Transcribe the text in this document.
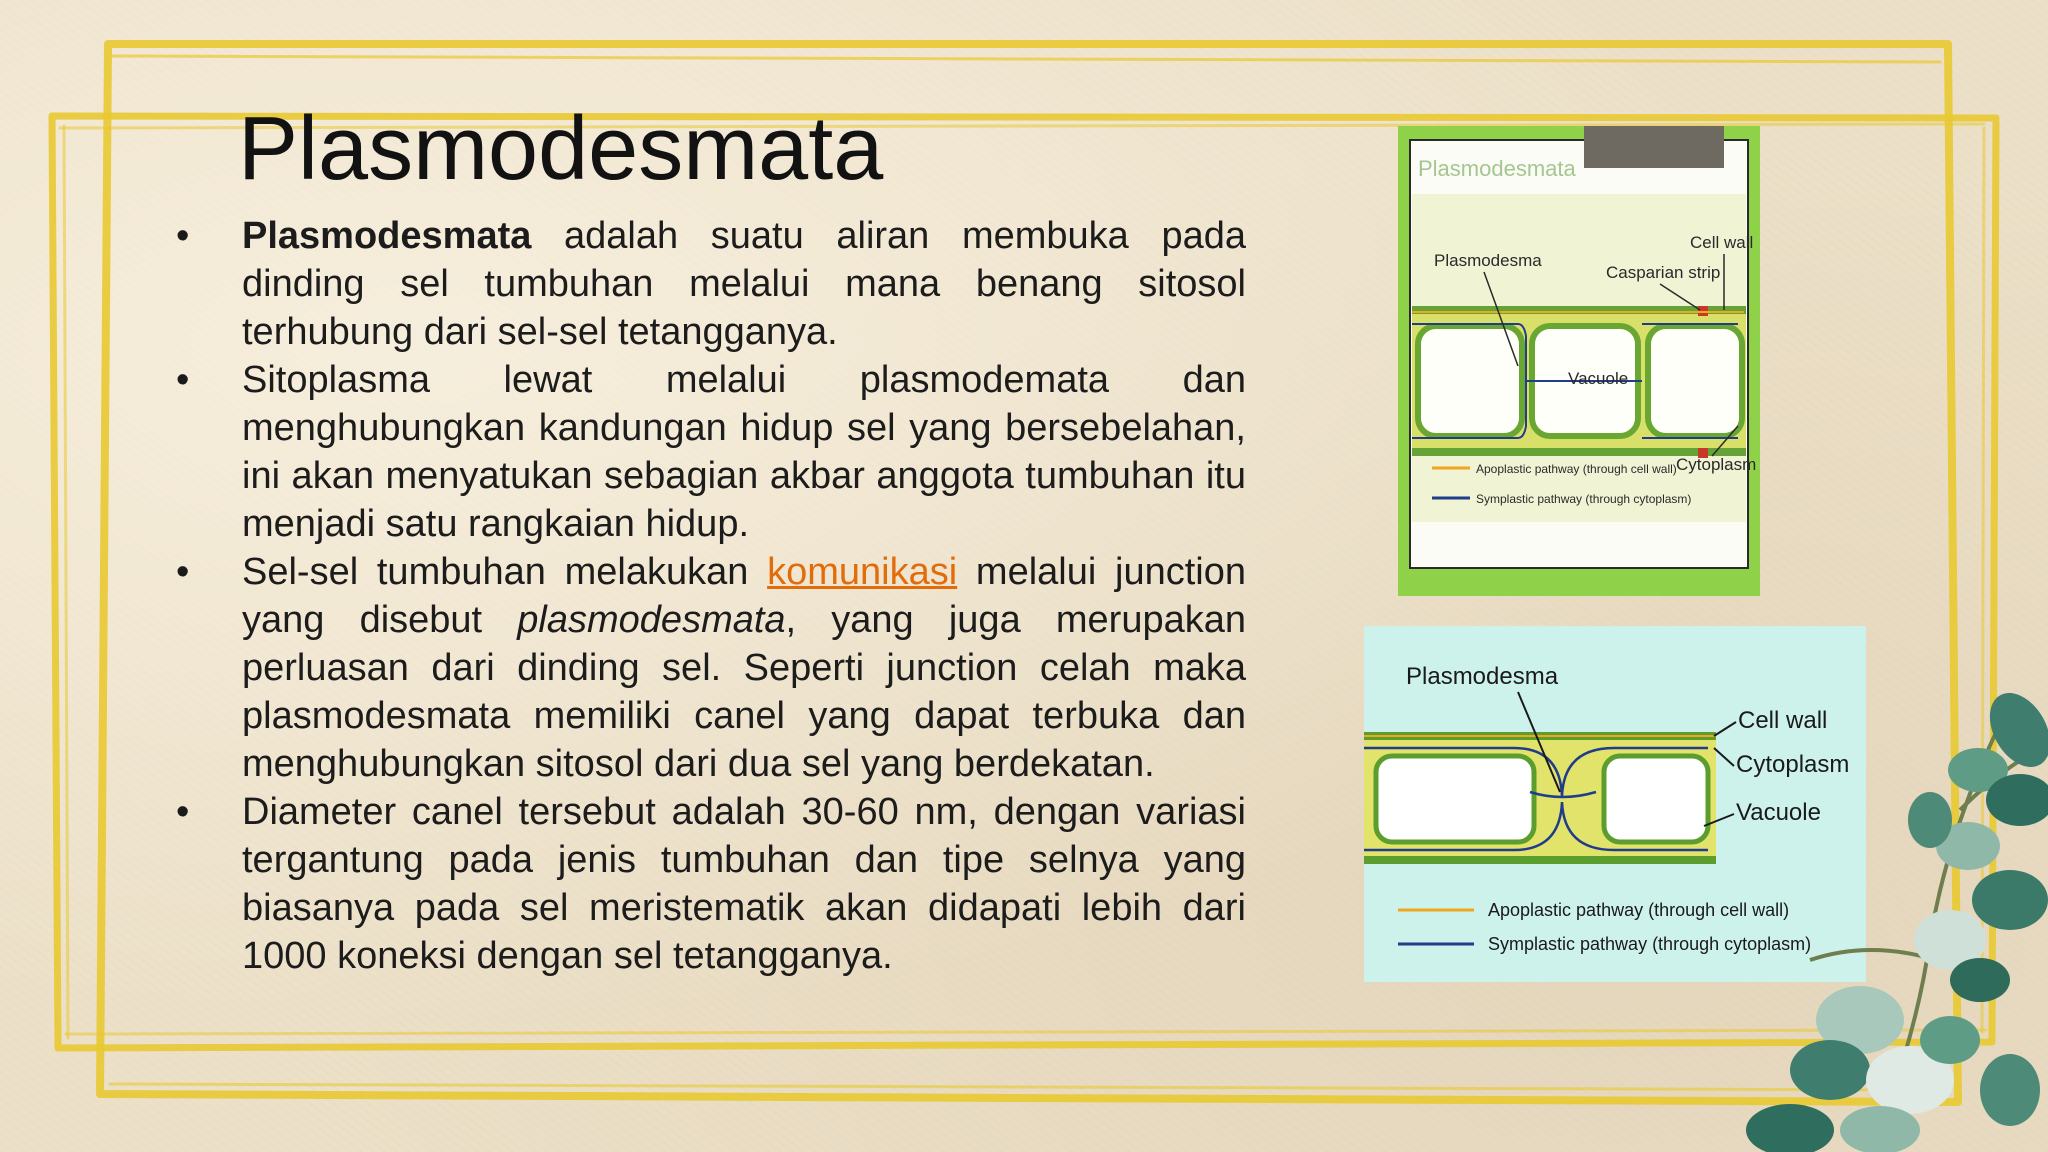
Plasmodesmata
• Plasmodesmata adalah suatu aliran membuka pada dinding sel tumbuhan melalui mana benang sitosol terhubung dari sel-sel tetangganya.

• Sitoplasma lewat melalui plasmodemata dan menghubungkan kandungan hidup sel yang bersebelahan, ini akan menyatukan sebagian akbar anggota tumbuhan itu menjadi satu rangkaian hidup.

• Sel-sel tumbuhan melakukan komunikasi melalui junction yang disebut plasmodesmata, yang juga merupakan perluasan dari dinding sel. Seperti junction celah maka plasmodesmata memiliki canel yang dapat terbuka dan menghubungkan sitosol dari dua sel yang berdekatan.

• Diameter canel tersebut adalah 30-60 nm, dengan variasi tergantung pada jenis tumbuhan dan tipe selnya yang biasanya pada sel meristematik akan didapati lebih dari 1000 koneksi dengan sel tetangganya.

Plasmodesmata
Plasmodesma
Cell wall
Casparian strip
Vacuole
Cytoplasm
Apoplastic pathway (through cell wall)
Symplastic pathway (through cytoplasm)
Plasmodesma
Cell wall
Cytoplasm
Vacuole
Apoplastic pathway (through cell wall)
Symplastic pathway (through cytoplasm)
